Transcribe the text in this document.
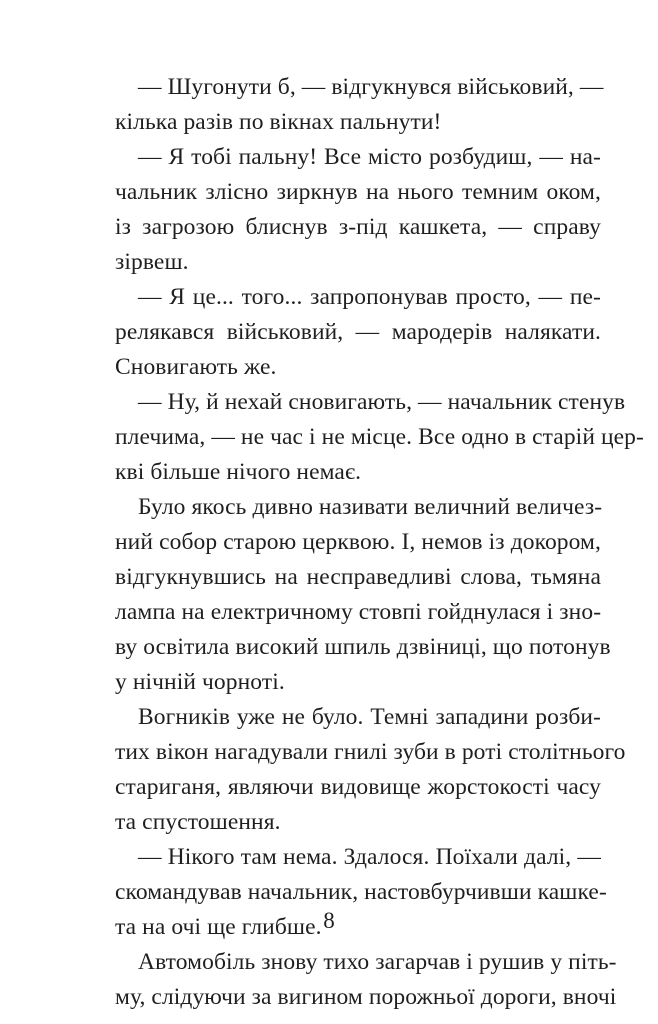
— Шугонути б, — відгукнувся військовий, —
кілька разів по вікнах пальнути!
— Я тобі пальну! Все місто розбудиш, — на-
чальник злісно зиркнув на нього темним оком,
із загрозою блиснув з-під кашкета, — справу
зірвеш.
— Я це... того... запропонував просто, — пе-
релякався військовий, — мародерів налякати.
Сновигають же.
— Ну, й нехай сновигають, — начальник стенув
плечима, — не час і не місце. Все одно в старій цер-
кві більше нічого немає.
Було якось дивно називати величний величез-
ний собор старою церквою. І, немов із докором,
відгукнувшись на несправедливі слова, тьмяна
лампа на електричному стовпі гойднулася і зно-
ву освітила високий шпиль дзвіниці, що потонув
у нічній чорноті.
Вогників уже не було. Темні западини розби-
тих вікон нагадували гнилі зуби в роті столітнього
стариганя, являючи видовище жорстокості часу
та спустошення.
— Нікого там нема. Здалося. Поїхали далі, —
скомандував начальник, настовбурчивши кашке-
та на очі ще глибше.
Автомобіль знову тихо загарчав і рушив у піть-
му, слідуючи за вигином порожньої дороги, вночі
8
